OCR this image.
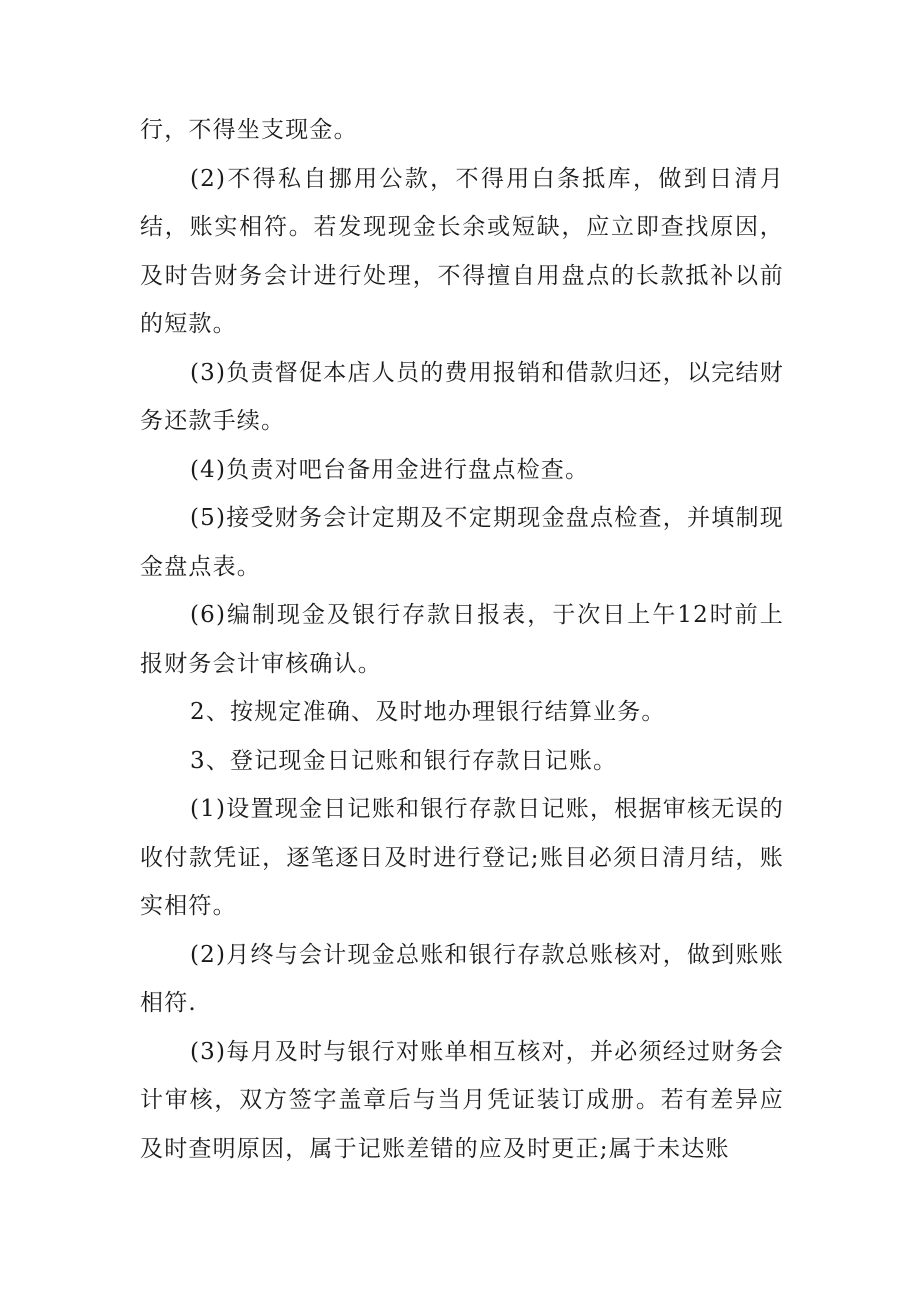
行，不得坐支现金。

(2)不得私自挪用公款，不得用白条抵库，做到日清月结，账实相符。若发现现金长余或短缺，应立即查找原因，及时告财务会计进行处理，不得擅自用盘点的长款抵补以前的短款。

(3)负责督促本店人员的费用报销和借款归还，以完结财务还款手续。

(4)负责对吧台备用金进行盘点检查。

(5)接受财务会计定期及不定期现金盘点检查，并填制现金盘点表。

(6)编制现金及银行存款日报表，于次日上午12时前上报财务会计审核确认。

2、按规定准确、及时地办理银行结算业务。

3、登记现金日记账和银行存款日记账。

(1)设置现金日记账和银行存款日记账，根据审核无误的收付款凭证，逐笔逐日及时进行登记;账目必须日清月结，账实相符。

(2)月终与会计现金总账和银行存款总账核对，做到账账相符.

(3)每月及时与银行对账单相互核对，并必须经过财务会计审核，双方签字盖章后与当月凭证装订成册。若有差异应及时查明原因，属于记账差错的应及时更正;属于未达账
